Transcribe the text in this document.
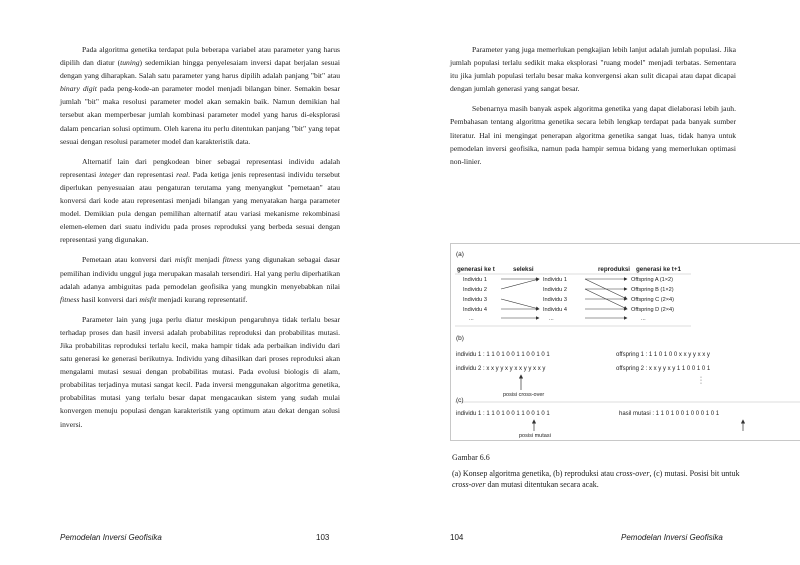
Pada algoritma genetika terdapat pula beberapa variabel atau parameter yang harus dipilih dan diatur (tuning) sedemikian hingga penyelesaiam inversi dapat berjalan sesuai dengan yang diharapkan. Salah satu parameter yang harus dipilih adalah panjang "bit" atau binary digit pada peng-kode-an parameter model menjadi bilangan biner. Semakin besar jumlah "bit" maka resolusi parameter model akan semakin baik. Namun demikian hal tersebut akan memperbesar jumlah kombinasi parameter model yang harus di-eksplorasi dalam pencarian solusi optimum. Oleh karena itu perlu ditentukan panjang "bit" yang tepat sesuai dengan resolusi parameter model dan karakteristik data.

Alternatif lain dari pengkodean biner sebagai representasi individu adalah representasi integer dan representasi real. Pada ketiga jenis representasi individu tersebut diperlukan penyesuaian atau pengaturan terutama yang menyangkut "pemetaan" atau konversi dari kode atau representasi menjadi bilangan yang menyatakan harga parameter model. Demikian pula dengan pemilihan alternatif atau variasi mekanisme rekombinasi elemen-elemen dari suatu individu pada proses reproduksi yang berbeda sesuai dengan representasi yang digunakan.

Pemetaan atau konversi dari misfit menjadi fitness yang digunakan sebagai dasar pemilihan individu unggul juga merupakan masalah tersendiri. Hal yang perlu diperhatikan adalah adanya ambiguitas pada pemodelan geofisika yang mungkin menyebabkan nilai fitness hasil konversi dari misfit menjadi kurang representatif.

Parameter lain yang juga perlu diatur meskipun pengaruhnya tidak terlalu besar terhadap proses dan hasil inversi adalah probabilitas reproduksi dan probabilitas mutasi. Jika probabilitas reproduksi terlalu kecil, maka hampir tidak ada perbaikan individu dari satu generasi ke generasi berikutnya. Individu yang dihasilkan dari proses reproduksi akan mengalami mutasi sesuai dengan probabilitas mutasi. Pada evolusi biologis di alam, probabilitas terjadinya mutasi sangat kecil. Pada inversi menggunakan algoritma genetika, probabilitas mutasi yang terlalu besar dapat mengacaukan sistem yang sudah mulai konvergen menuju populasi dengan karakteristik yang optimum atau dekat dengan solusi inversi.

Pemodelan Inversi Geofisika	103

Parameter yang juga memerlukan pengkajian lebih lanjut adalah jumlah populasi. Jika jumlah populasi terlalu sedikit maka eksplorasi "ruang model" menjadi terbatas. Sementara itu jika jumlah populasi terlalu besar maka konvergensi akan sulit dicapai atau dapat dicapai dengan jumlah generasi yang sangat besar.

Sebenarnya masih banyak aspek algoritma genetika yang dapat dielaborasi lebih jauh. Pembahasan tentang algoritma genetika secara lebih lengkap terdapat pada banyak sumber literatur. Hal ini mengingat penerapan algoritma genetika sangat luas, tidak hanya untuk pemodelan inversi geofisika, namun pada hampir semua bidang yang memerlukan optimasi non-linier.

(a)
generasi ke t	seleksi	reproduksi generasi ke t+1
Individu 1	Individu 1	Offspring A (1×2)
Individu 2	Individu 2	Offspring B (1×2)
Individu 3	Individu 3	Offspring C (2×4)
Individu 4	Individu 4	Offspring D (2×4)
...	...	...
(b)
individu 1 : 1 1 0 1 0 0 1 1 0 0 1 0 1	offspring 1 : 1 1 0 1 0 0 x x y y x x y
individu 2 : x x y y x y x x y y x x y	offspring 2 : x x y y x y 1 1 0 0 1 0 1
posisi cross-over
(c)
individu 1 : 1 1 0 1 0 0 1 1 0 0 1 0 1	hasil mutasi : 1 1 0 1 0 0 1 0 0 0 1 0 1
posisi mutasi
Gambar 6.6
(a) Konsep algoritma genetika, (b) reproduksi atau cross-over, (c) mutasi. Posisi bit untuk cross-over dan mutasi ditentukan secara acak.
104	Pemodelan Inversi Geofisika
